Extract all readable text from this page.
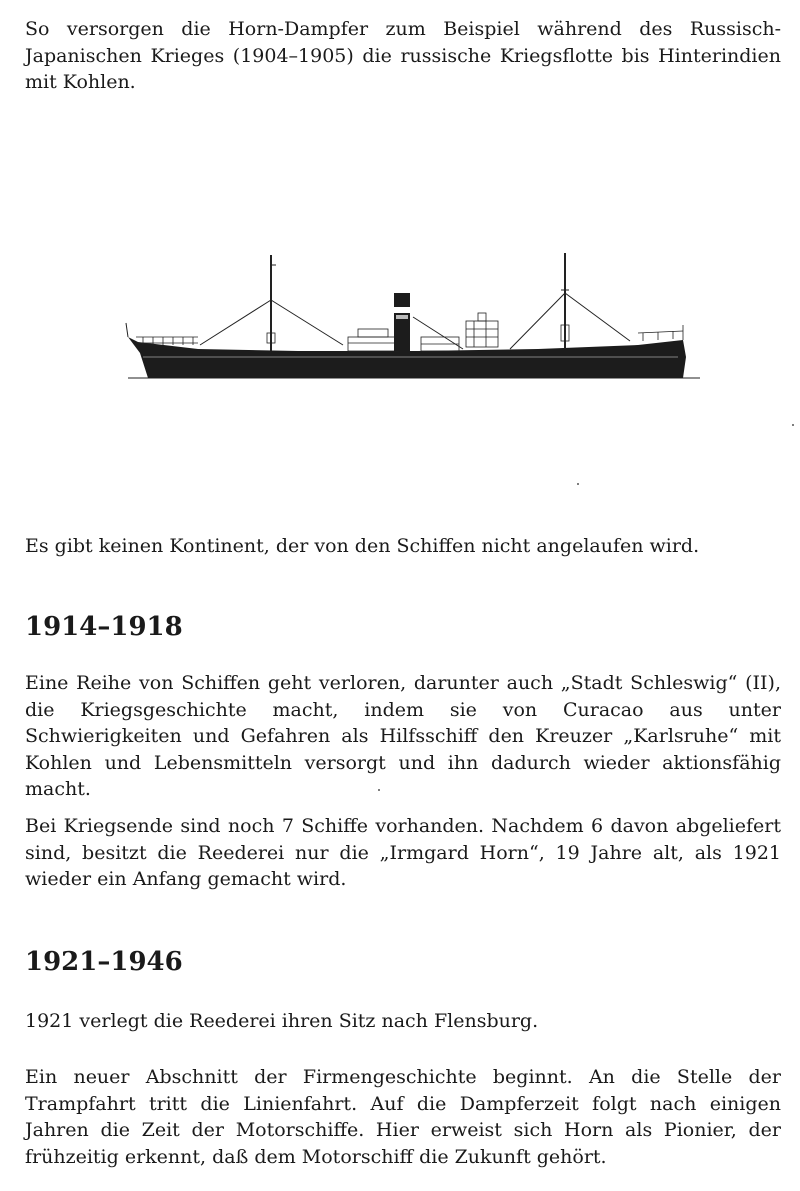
So versorgen die Horn-Dampfer zum Beispiel während des Russisch-Japanischen Krieges (1904–1905) die russische Kriegsflotte bis Hinterindien mit Kohlen.

Es gibt keinen Kontinent, der von den Schiffen nicht angelaufen wird.

1914–1918

Eine Reihe von Schiffen geht verloren, darunter auch „Stadt Schleswig“ (II), die Kriegsgeschichte macht, indem sie von Curacao aus unter Schwierigkeiten und Gefahren als Hilfsschiff den Kreuzer „Karlsruhe“ mit Kohlen und Lebensmitteln versorgt und ihn dadurch wieder aktionsfähig macht.

Bei Kriegsende sind noch 7 Schiffe vorhanden. Nachdem 6 davon abgeliefert sind, besitzt die Reederei nur die „Irmgard Horn“, 19 Jahre alt, als 1921 wieder ein Anfang gemacht wird.

1921–1946

1921 verlegt die Reederei ihren Sitz nach Flensburg.

Ein neuer Abschnitt der Firmengeschichte beginnt. An die Stelle der Trampfahrt tritt die Linienfahrt. Auf die Dampferzeit folgt nach einigen Jahren die Zeit der Motorschiffe. Hier erweist sich Horn als Pionier, der frühzeitig erkennt, daß dem Motorschiff die Zukunft gehört.
